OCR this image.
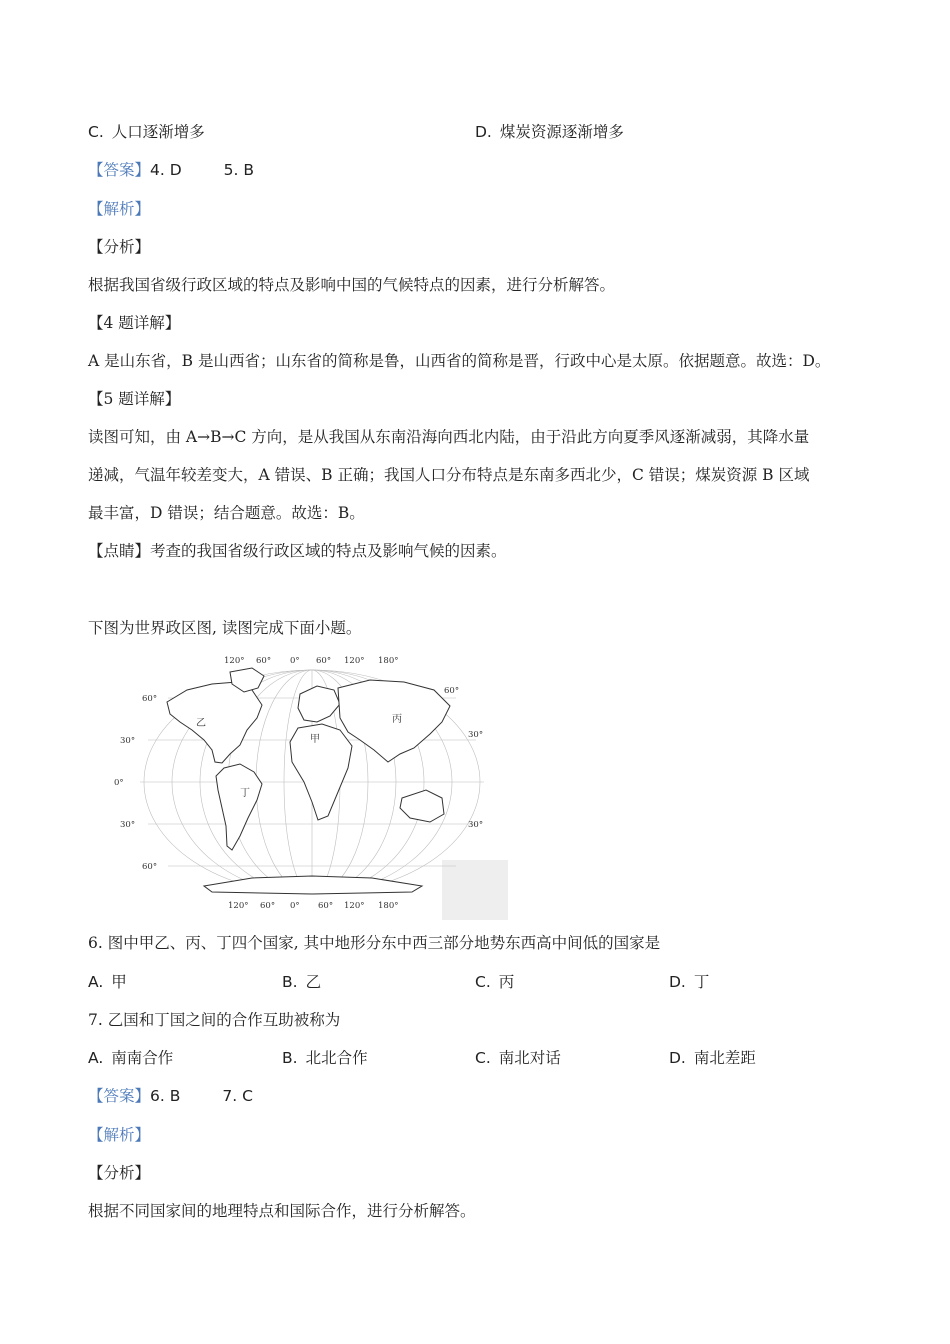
C. 人口逐渐增多	D. 煤炭资源逐渐增多
【答案】4. D	5. B
【解析】
【分析】
根据我国省级行政区域的特点及影响中国的气候特点的因素，进行分析解答。
【4 题详解】
A 是山东省，B 是山西省；山东省的简称是鲁，山西省的简称是晋，行政中心是太原。依据题意。故选：D。
【5 题详解】
读图可知，由 A→B→C 方向，是从我国从东南沿海向西北内陆，由于沿此方向夏季风逐渐减弱，其降水量
递减，气温年较差变大，A 错误、B 正确；我国人口分布特点是东南多西北少，C 错误；煤炭资源 B 区域
最丰富，D 错误；结合题意。故选：B。
【点睛】考查的我国省级行政区域的特点及影响气候的因素。
下图为世界政区图, 读图完成下面小题。
120° 60° 0° 60° 120° 180°
120° 60° 0° 60° 120° 180°
60°
30°
0°
30°
60°
60°
30°
30°
乙
甲
丙
丁
6. 图中甲乙、丙、丁四个国家, 其中地形分东中西三部分地势东西高中间低的国家是
A. 甲	B. 乙	C. 丙	D. 丁
7. 乙国和丁国之间的合作互助被称为
A. 南南合作	B. 北北合作	C. 南北对话	D. 南北差距
【答案】6. B	7. C
【解析】
【分析】
根据不同国家间的地理特点和国际合作，进行分析解答。
